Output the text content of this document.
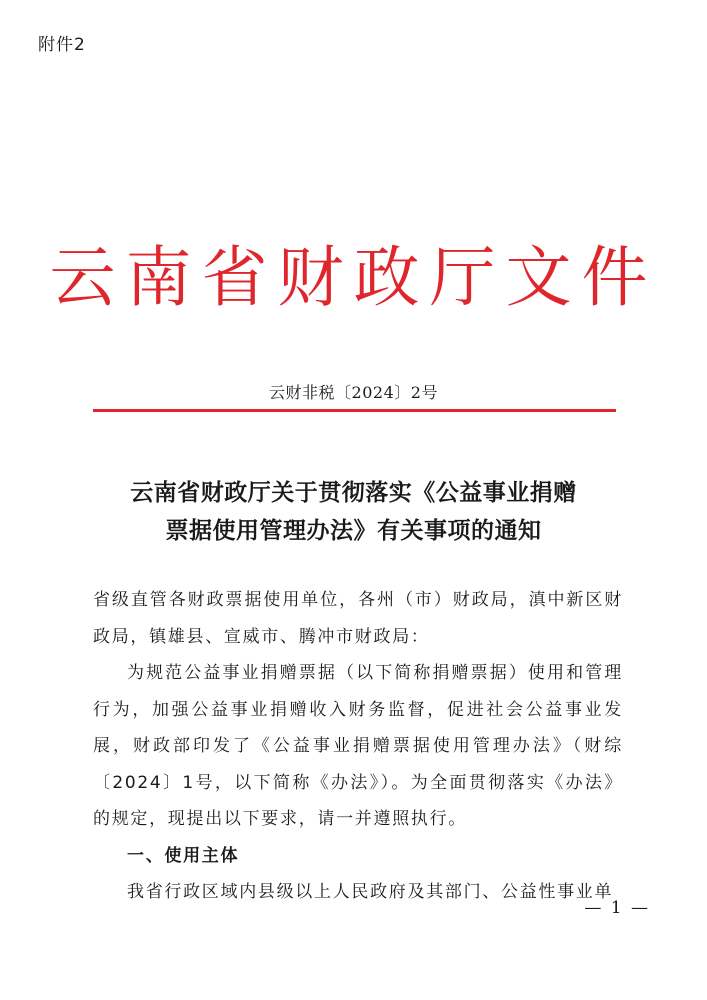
附件2
云南省财政厅文件
云财非税〔2024〕2号
云南省财政厅关于贯彻落实《公益事业捐赠
票据使用管理办法》有关事项的通知

省级直管各财政票据使用单位，各州（市）财政局，滇中新区财政局，镇雄县、宣威市、腾冲市财政局：

为规范公益事业捐赠票据（以下简称捐赠票据）使用和管理行为，加强公益事业捐赠收入财务监督，促进社会公益事业发展，财政部印发了《公益事业捐赠票据使用管理办法》（财综〔2024〕1号，以下简称《办法》）。为全面贯彻落实《办法》的规定，现提出以下要求，请一并遵照执行。

一、使用主体

我省行政区域内县级以上人民政府及其部门、公益性事业单

— 1 —
